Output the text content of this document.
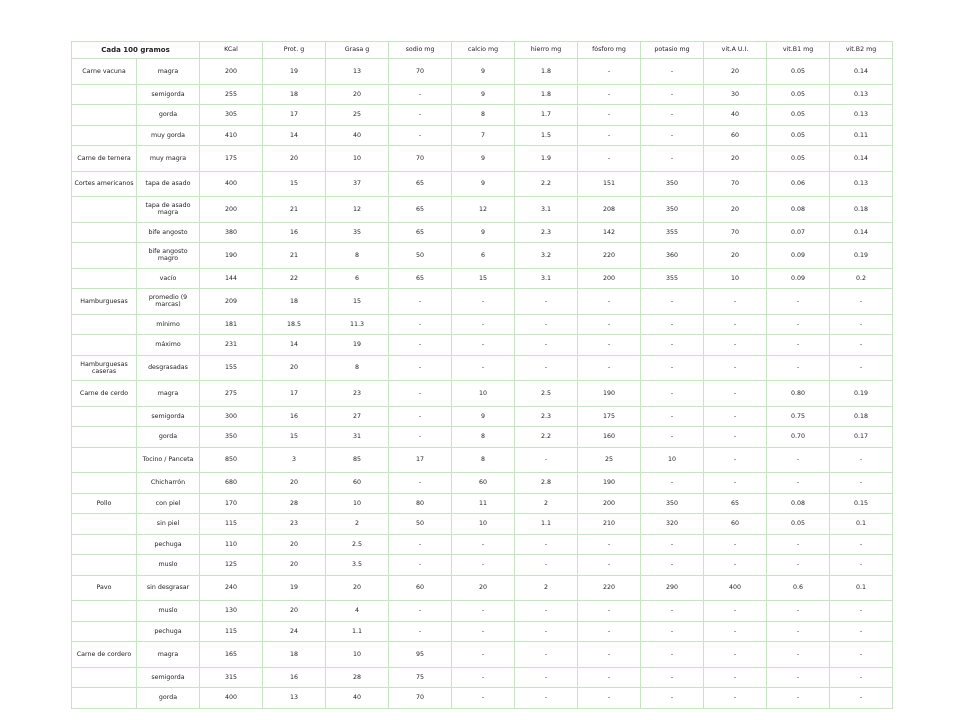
Cada 100 gramos		KCal	Prot. g	Grasa g	sodio mg	calcio mg	hierro mg	fósforo mg	potasio mg	vit.A U.I.	vit.B1 mg	vit.B2 mg
Carne vacuna	magra	200	19	13	70	9	1.8	-	-	20	0.05	0.14
	semigorda	255	18	20	-	9	1.8	-	-	30	0.05	0.13
	gorda	305	17	25	-	8	1.7	-	-	40	0.05	0.13
	muy gorda	410	14	40	-	7	1.5	-	-	60	0.05	0.11
Carne de ternera	muy magra	175	20	10	70	9	1.9	-	-	20	0.05	0.14
Cortes americanos	tapa de asado	400	15	37	65	9	2.2	151	350	70	0.06	0.13
	tapa de asado magra	200	21	12	65	12	3.1	208	350	20	0.08	0.18
	bife angosto	380	16	35	65	9	2.3	142	355	70	0.07	0.14
	bife angosto magro	190	21	8	50	6	3.2	220	360	20	0.09	0.19
	vacío	144	22	6	65	15	3.1	200	355	10	0.09	0.2
Hamburguesas	promedio (9 marcas)	209	18	15	-	-	-	-	-	-	-	-
	mínimo	181	18.5	11.3	-	-	-	-	-	-	-	-
	máximo	231	14	19	-	-	-	-	-	-	-	-
Hamburguesas caseras	desgrasadas	155	20	8	-	-	-	-	-	-	-	-
Carne de cerdo	magra	275	17	23	-	10	2.5	190	-	-	0.80	0.19
	semigorda	300	16	27	-	9	2.3	175	-	-	0.75	0.18
	gorda	350	15	31	-	8	2.2	160	-	-	0.70	0.17
	Tocino / Panceta	850	3	85	17	8	-	25	10	-	-	-
	Chicharrón	680	20	60	-	60	2.8	190	-	-	-	-
Pollo	con piel	170	28	10	80	11	2	200	350	65	0.08	0.15
	sin piel	115	23	2	50	10	1.1	210	320	60	0.05	0.1
	pechuga	110	20	2.5	-	-	-	-	-	-	-	-
	muslo	125	20	3.5	-	-	-	-	-	-	-	-
Pavo	sin desgrasar	240	19	20	60	20	2	220	290	400	0.6	0.1
	muslo	130	20	4	-	-	-	-	-	-	-	-
	pechuga	115	24	1.1	-	-	-	-	-	-	-	-
Carne de cordero	magra	165	18	10	95	-	-	-	-	-	-	-
	semigorda	315	16	28	75	-	-	-	-	-	-	-
	gorda	400	13	40	70	-	-	-	-	-	-	-
